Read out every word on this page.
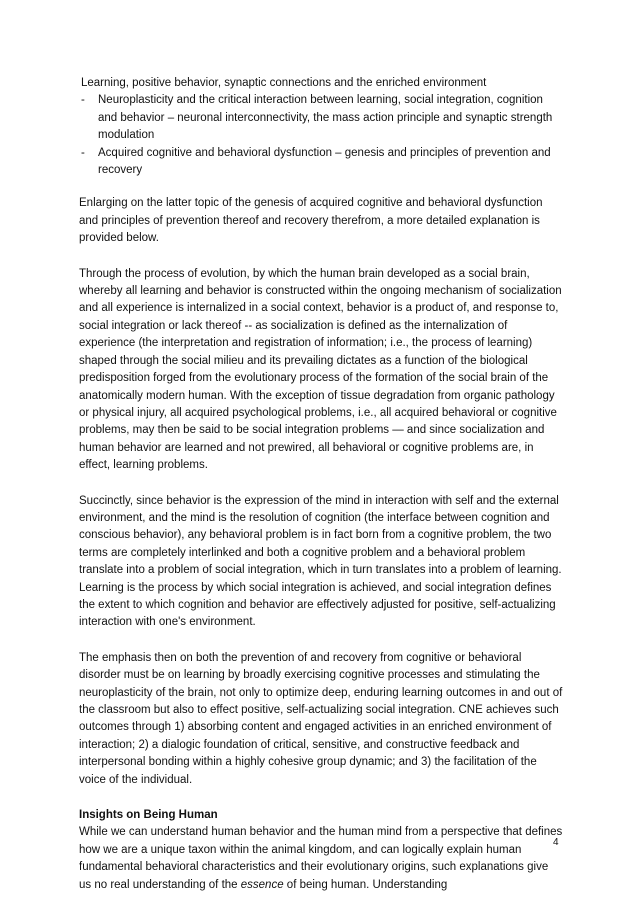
Learning, positive behavior, synaptic connections and the enriched environment
- Neuroplasticity and the critical interaction between learning, social integration, cognition and behavior – neuronal interconnectivity, the mass action principle and synaptic strength modulation
- Acquired cognitive and behavioral dysfunction – genesis and principles of prevention and recovery

Enlarging on the latter topic of the genesis of acquired cognitive and behavioral dysfunction and principles of prevention thereof and recovery therefrom, a more detailed explanation is provided below.

Through the process of evolution, by which the human brain developed as a social brain, whereby all learning and behavior is constructed within the ongoing mechanism of socialization and all experience is internalized in a social context, behavior is a product of, and response to, social integration or lack thereof -- as socialization is defined as the internalization of experience (the interpretation and registration of information; i.e., the process of learning) shaped through the social milieu and its prevailing dictates as a function of the biological predisposition forged from the evolutionary process of the formation of the social brain of the anatomically modern human. With the exception of tissue degradation from organic pathology or physical injury, all acquired psychological problems, i.e., all acquired behavioral or cognitive problems, may then be said to be social integration problems — and since socialization and human behavior are learned and not prewired, all behavioral or cognitive problems are, in effect, learning problems.

Succinctly, since behavior is the expression of the mind in interaction with self and the external environment, and the mind is the resolution of cognition (the interface between cognition and conscious behavior), any behavioral problem is in fact born from a cognitive problem, the two terms are completely interlinked and both a cognitive problem and a behavioral problem translate into a problem of social integration, which in turn translates into a problem of learning. Learning is the process by which social integration is achieved, and social integration defines the extent to which cognition and behavior are effectively adjusted for positive, self-actualizing interaction with one's environment.

The emphasis then on both the prevention of and recovery from cognitive or behavioral disorder must be on learning by broadly exercising cognitive processes and stimulating the neuroplasticity of the brain, not only to optimize deep, enduring learning outcomes in and out of the classroom but also to effect positive, self-actualizing social integration. CNE achieves such outcomes through 1) absorbing content and engaged activities in an enriched environment of interaction; 2) a dialogic foundation of critical, sensitive, and constructive feedback and interpersonal bonding within a highly cohesive group dynamic; and 3) the facilitation of the voice of the individual.

Insights on Being Human
While we can understand human behavior and the human mind from a perspective that defines how we are a unique taxon within the animal kingdom, and can logically explain human fundamental behavioral characteristics and their evolutionary origins, such explanations give us no real understanding of the essence of being human. Understanding
4
